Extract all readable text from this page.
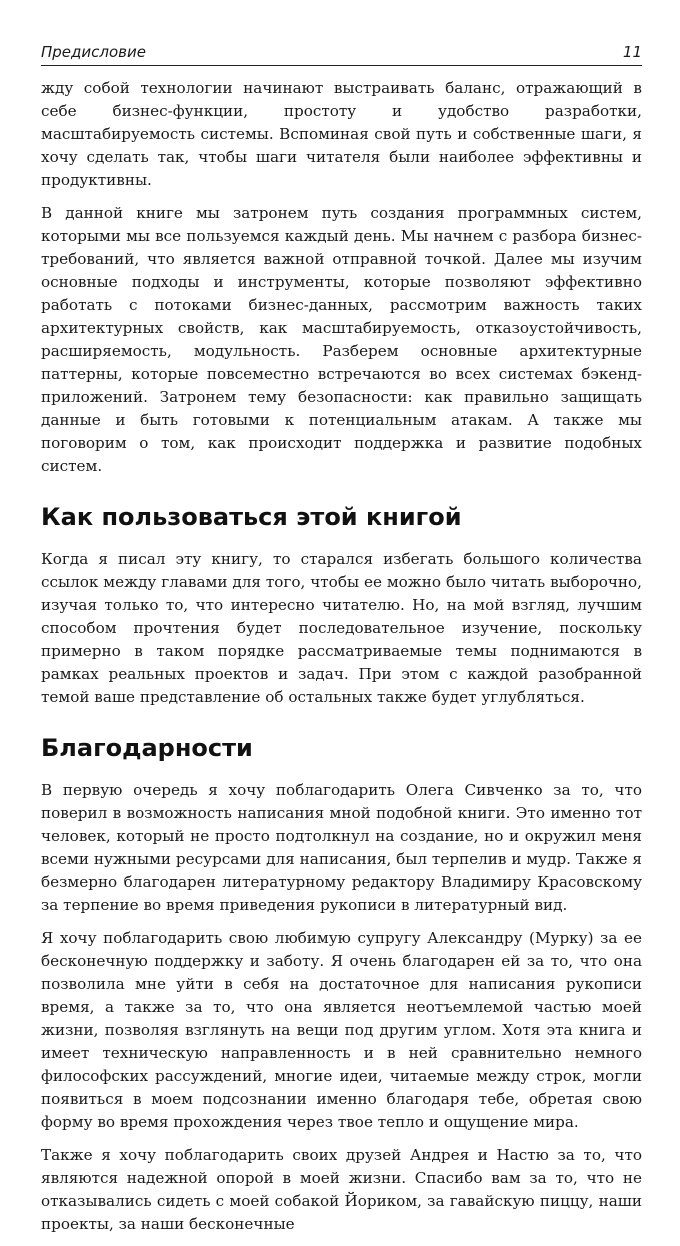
Предисловие	11

жду собой технологии начинают выстраивать баланс, отражающий в себе бизнес-функции, простоту и удобство разработки, масштабируемость системы. Вспоминая свой путь и собственные шаги, я хочу сделать так, чтобы шаги читателя были наиболее эффективны и продуктивны.

В данной книге мы затронем путь создания программных систем, которыми мы все пользуемся каждый день. Мы начнем с разбора бизнес-требований, что является важной отправной точкой. Далее мы изучим основные подходы и инструменты, которые позволяют эффективно работать с потоками бизнес-данных, рассмотрим важность таких архитектурных свойств, как масштабируемость, отказоустойчивость, расширяемость, модульность. Разберем основные архитектурные паттерны, которые повсеместно встречаются во всех системах бэкенд-приложений. Затронем тему безопасности: как правильно защищать данные и быть готовыми к потенциальным атакам. А также мы поговорим о том, как происходит поддержка и развитие подобных систем.

Как пользоваться этой книгой

Когда я писал эту книгу, то старался избегать большого количества ссылок между главами для того, чтобы ее можно было читать выборочно, изучая только то, что интересно читателю. Но, на мой взгляд, лучшим способом прочтения будет последовательное изучение, поскольку примерно в таком порядке рассматриваемые темы поднимаются в рамках реальных проектов и задач. При этом с каждой разобранной темой ваше представление об остальных также будет углубляться.

Благодарности

В первую очередь я хочу поблагодарить Олега Сивченко за то, что поверил в возможность написания мной подобной книги. Это именно тот человек, который не просто подтолкнул на создание, но и окружил меня всеми нужными ресурсами для написания, был терпелив и мудр. Также я безмерно благодарен литературному редактору Владимиру Красовскому за терпение во время приведения рукописи в литературный вид.

Я хочу поблагодарить свою любимую супругу Александру (Мурку) за ее бесконечную поддержку и заботу. Я очень благодарен ей за то, что она позволила мне уйти в себя на достаточное для написания рукописи время, а также за то, что она является неотъемлемой частью моей жизни, позволяя взглянуть на вещи под другим углом. Хотя эта книга и имеет техническую направленность и в ней сравнительно немного философских рассуждений, многие идеи, читаемые между строк, могли появиться в моем подсознании именно благодаря тебе, обретая свою форму во время прохождения через твое тепло и ощущение мира.

Также я хочу поблагодарить своих друзей Андрея и Настю за то, что являются надежной опорой в моей жизни. Спасибо вам за то, что не отказывались сидеть с моей собакой Йориком, за гавайскую пиццу, наши проекты, за наши бесконечные
